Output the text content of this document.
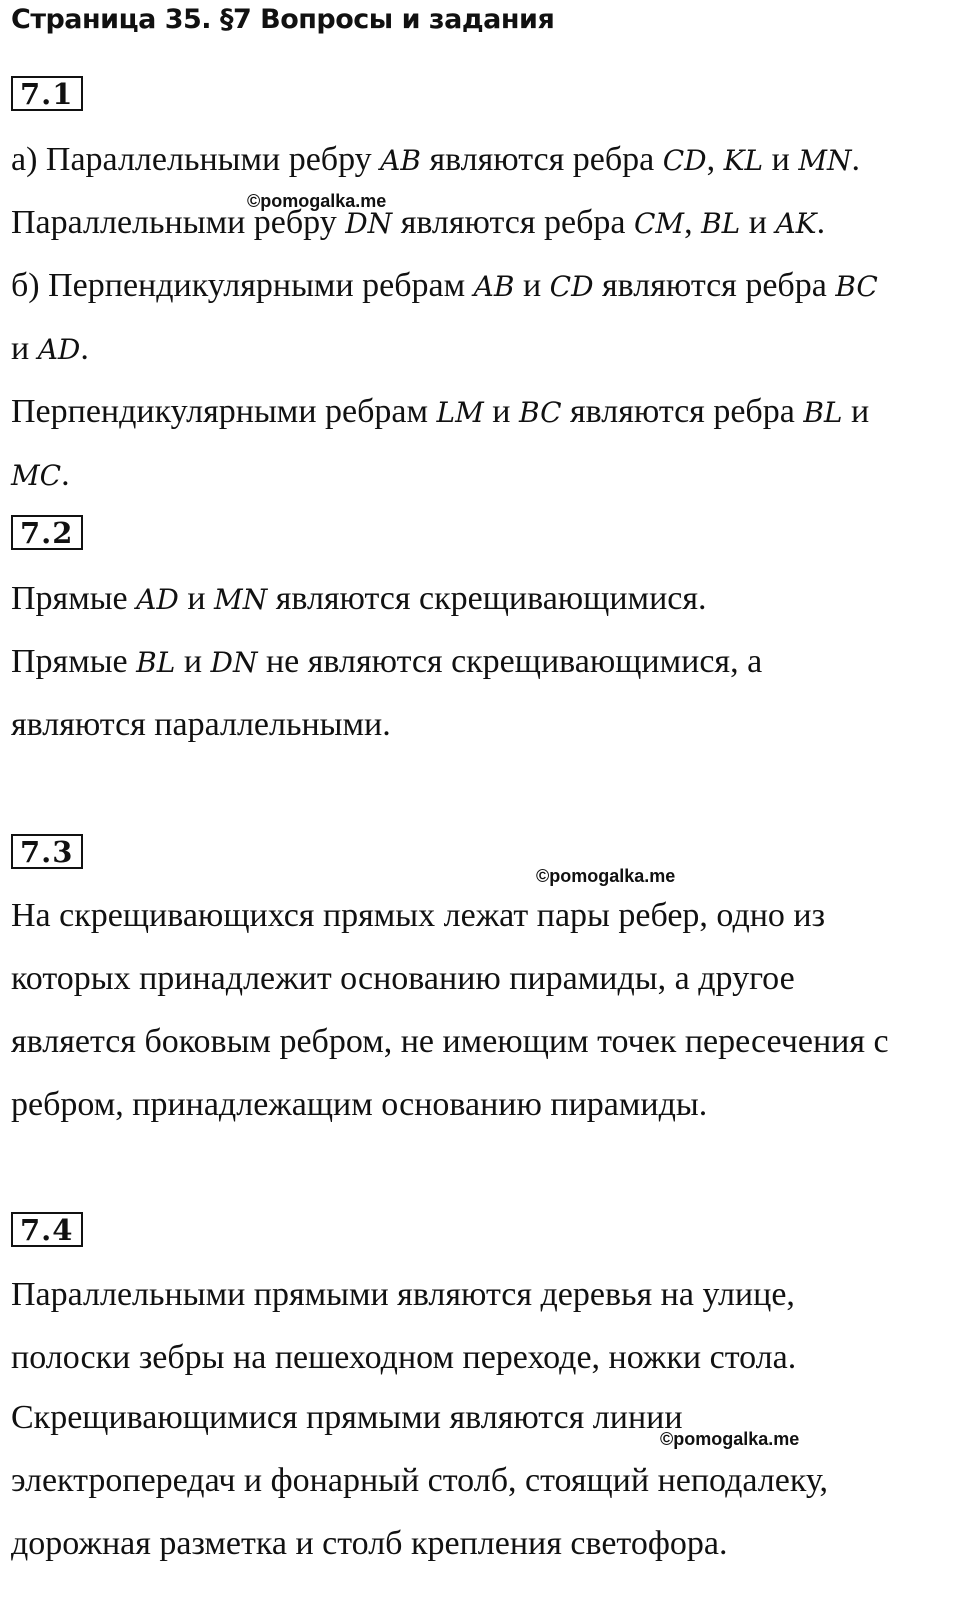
Страница 35. §7 Вопросы и задания
7.1
а) Параллельными ребру AB являются ребра CD, KL и MN.
Параллельными ребру DN являются ребра CM, BL и AK.
б) Перпендикулярными ребрам AB и CD являются ребра BC
и AD.
Перпендикулярными ребрам LM и BC являются ребра BL и
MC.
7.2
Прямые AD и MN являются скрещивающимися.
Прямые BL и DN не являются скрещивающимися, а
являются параллельными.
7.3
На скрещивающихся прямых лежат пары ребер, одно из
которых принадлежит основанию пирамиды, а другое
является боковым ребром, не имеющим точек пересечения с
ребром, принадлежащим основанию пирамиды.
7.4
Параллельными прямыми являются деревья на улице,
полоски зебры на пешеходном переходе, ножки стола.
Скрещивающимися прямыми являются линии
электропередач и фонарный столб, стоящий неподалеку,
дорожная разметка и столб крепления светофора.
©pomogalka.me
©pomogalka.me
©pomogalka.me
